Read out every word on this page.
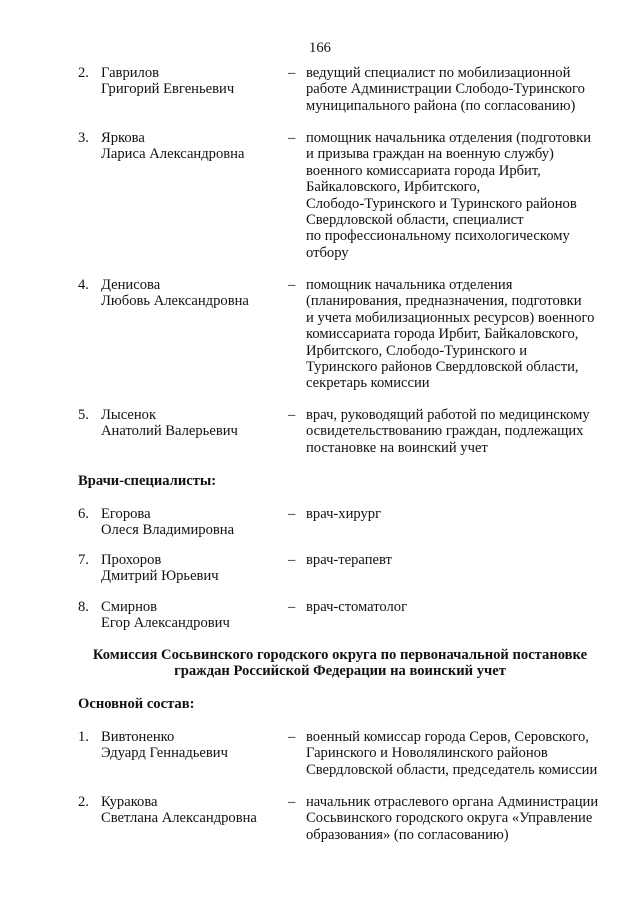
166
2. Гаврилов
Григорий Евгеньевич
– ведущий специалист по мобилизационной
работе Администрации Слободо-Туринского
муниципального района (по согласованию)
3. Яркова
Лариса Александровна
– помощник начальника отделения (подготовки
и призыва граждан на военную службу)
военного комиссариата города Ирбит,
Байкаловского, Ирбитского,
Слободо-Туринского и Туринского районов
Свердловской области, специалист
по профессиональному психологическому
отбору
4. Денисова
Любовь Александровна
– помощник начальника отделения
(планирования, предназначения, подготовки
и учета мобилизационных ресурсов) военного
комиссариата города Ирбит, Байкаловского,
Ирбитского, Слободо-Туринского и
Туринского районов Свердловской области,
секретарь комиссии
5. Лысенок
Анатолий Валерьевич
– врач, руководящий работой по медицинскому
освидетельствованию граждан, подлежащих
постановке на воинский учет
Врачи-специалисты:
6. Егорова
Олеся Владимировна
– врач-хирург
7. Прохоров
Дмитрий Юрьевич
– врач-терапевт
8. Смирнов
Егор Александрович
– врач-стоматолог
Комиссия Сосьвинского городского округа по первоначальной постановке
граждан Российской Федерации на воинский учет
Основной состав:
1. Вивтоненко
Эдуард Геннадьевич
– военный комиссар города Серов, Серовского,
Гаринского и Новолялинского районов
Свердловской области, председатель комиссии
2. Куракова
Светлана Александровна
– начальник отраслевого органа Администрации
Сосьвинского городского округа «Управление
образования» (по согласованию)
